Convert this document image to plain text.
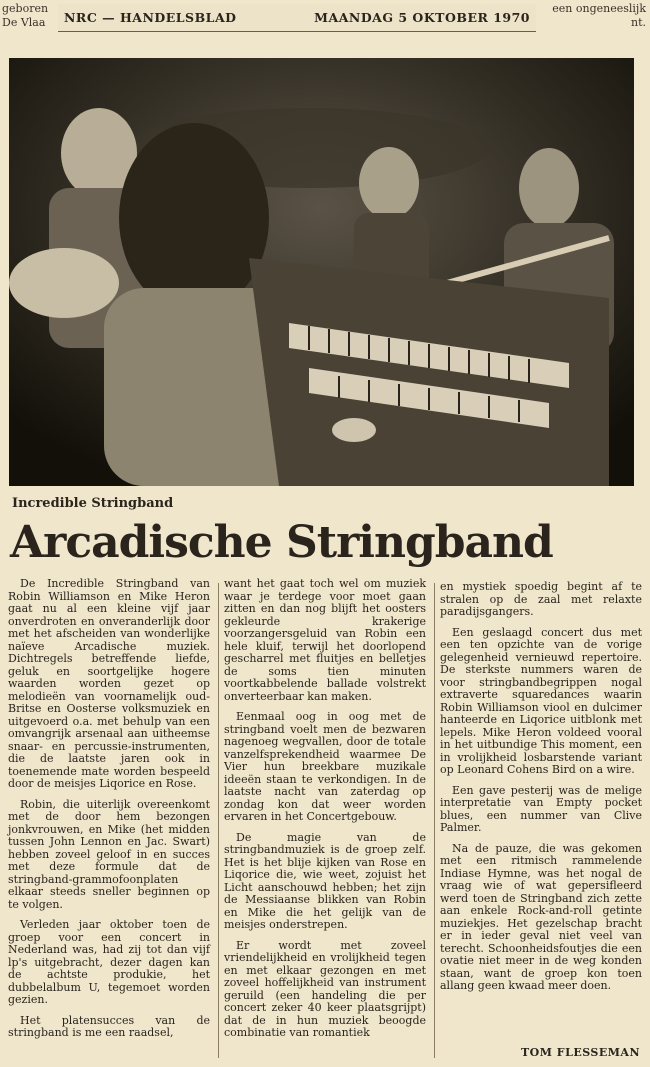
geboren
De Vlaa
een ongeneeslijk
nt.
NRC — HANDELSBLAD	MAANDAG 5 OKTOBER 1970
Incredible Stringband
Arcadische Stringband

De Incredible Stringband van Robin Williamson en Mike Heron gaat nu al een kleine vijf jaar onverdroten en onveranderlijk door met het afscheiden van wonderlijke naïeve Arcadische muziek. Dichtregels betreffende liefde, geluk en soortgelijke hogere waarden worden gezet op melodieën van voornamelijk oud-Britse en Oosterse volksmuziek en uitgevoerd o.a. met behulp van een omvangrijk arsenaal aan uitheemse snaar- en percussie-instrumenten, die de laatste jaren ook in toenemende mate worden bespeeld door de meisjes Liqorice en Rose.

Robin, die uiterlijk overeenkomt met de door hem bezongen jonkvrouwen, en Mike (het midden tussen John Lennon en Jac. Swart) hebben zoveel geloof in en succes met deze formule dat de stringband-grammofoonplaten elkaar steeds sneller beginnen op te volgen.

Verleden jaar oktober toen de groep voor een concert in Nederland was, had zij tot dan vijf lp's uitgebracht, dezer dagen kan de achtste produkie, het dubbelalbum U, tegemoet worden gezien.

Het platensucces van de stringband is me een raadsel,

want het gaat toch wel om muziek waar je terdege voor moet gaan zitten en dan nog blijft het oosters gekleurde krakerige voorzangersgeluid van Robin een hele kluif, terwijl het doorlopend gescharrel met fluitjes en belletjes de soms tien minuten voortkabbelende ballade volstrekt onverteerbaar kan maken.

Eenmaal oog in oog met de stringband voelt men de bezwaren nagenoeg wegvallen, door de totale vanzelfsprekendheid waarmee De Vier hun breekbare muzikale ideeën staan te verkondigen. In de laatste nacht van zaterdag op zondag kon dat weer worden ervaren in het Concertgebouw.

De magie van de stringbandmuziek is de groep zelf. Het is het blije kijken van Rose en Liqorice die, wie weet, zojuist het Licht aanschouwd hebben; het zijn de Messiaanse blikken van Robin en Mike die het gelijk van de meisjes onderstrepen.

Er wordt met zoveel vriendelijkheid en vrolijkheid tegen en met elkaar gezongen en met zoveel hoffelijkheid van instrument geruild (een handeling die per concert zeker 40 keer plaatsgrijpt) dat de in hun muziek beoogde combinatie van romantiek

en mystiek spoedig begint af te stralen op de zaal met relaxte paradijsgangers.

Een geslaagd concert dus met een ten opzichte van de vorige gelegenheid vernieuwd repertoire. De sterkste nummers waren de voor stringbandbegrippen nogal extraverte squaredances waarin Robin Williamson viool en dulcimer hanteerde en Liqorice uitblonk met lepels. Mike Heron voldeed vooral in het uitbundige This moment, een in vrolijkheid losbarstende variant op Leonard Cohens Bird on a wire.

Een gave pesterij was de melige interpretatie van Empty pocket blues, een nummer van Clive Palmer.

Na de pauze, die was gekomen met een ritmisch rammelende Indiase Hymne, was het nogal de vraag wie of wat gepersifleerd werd toen de Stringband zich zette aan enkele Rock-and-roll getinte muziekjes. Het gezelschap bracht er in ieder geval niet veel van terecht. Schoonheidsfoutjes die een ovatie niet meer in de weg konden staan, want de groep kon toen allang geen kwaad meer doen.

TOM FLESSEMAN
